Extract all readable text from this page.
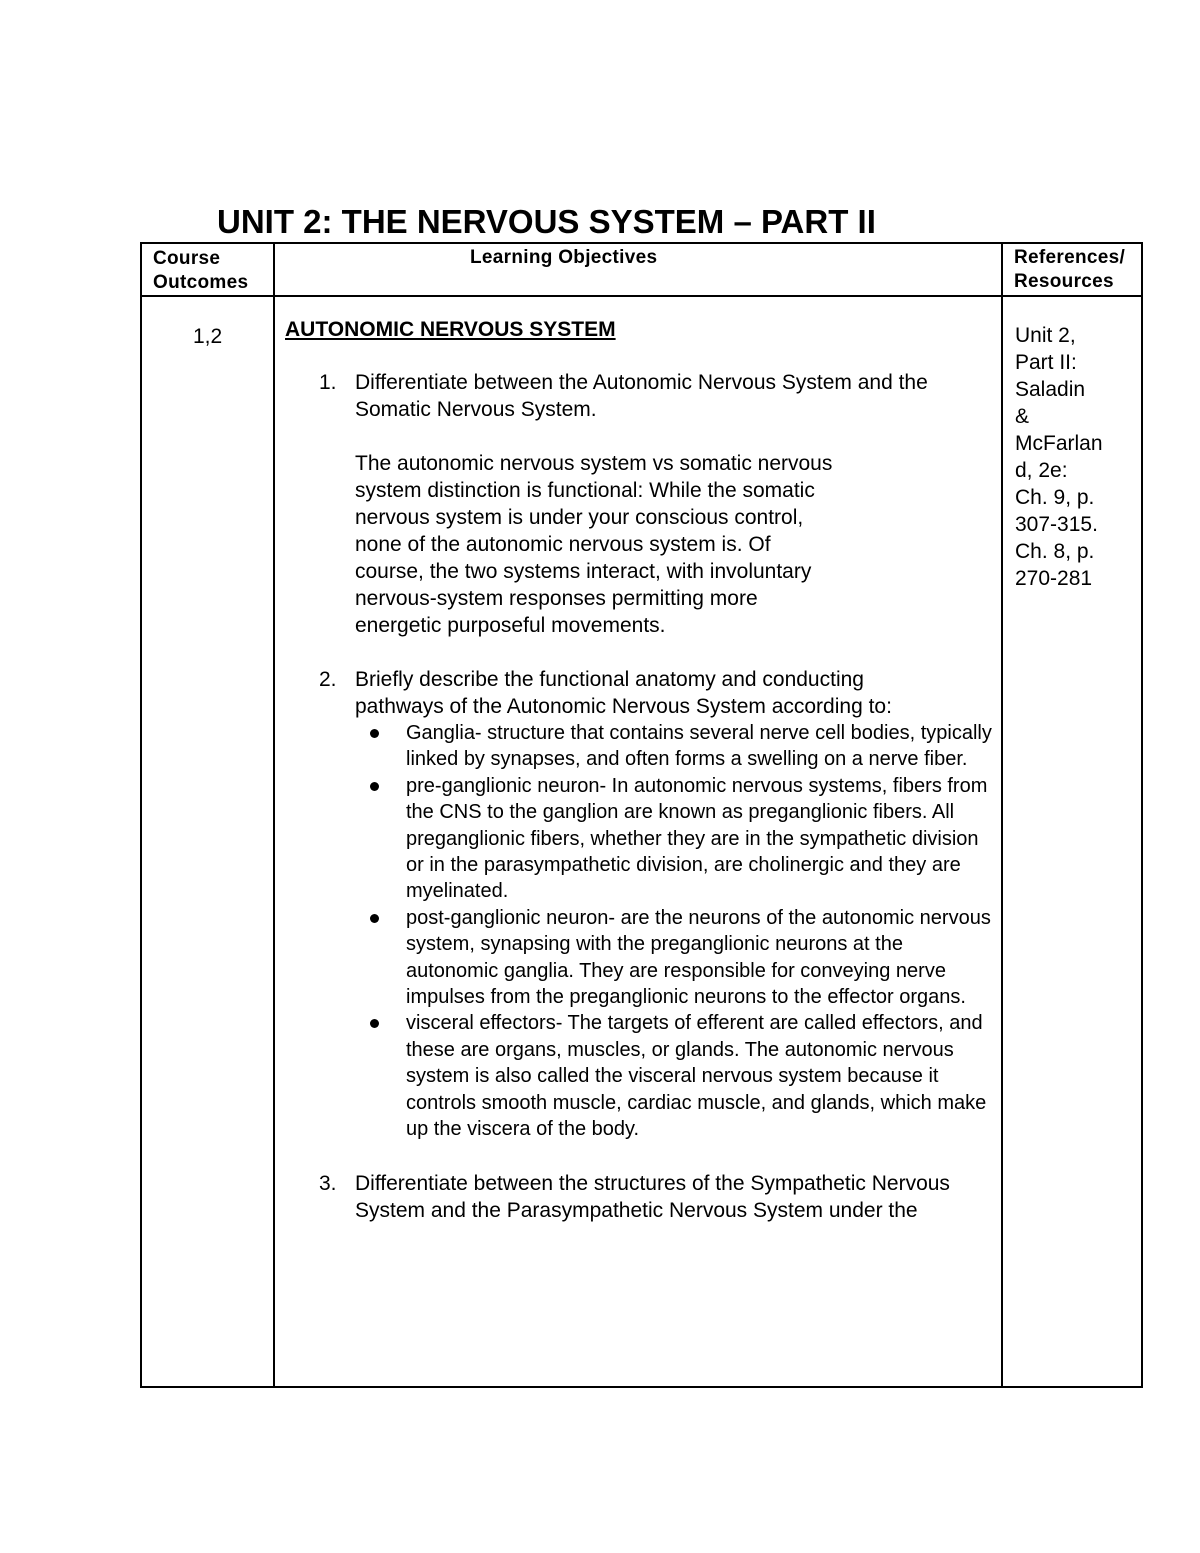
UNIT 2: THE NERVOUS SYSTEM – PART II
Course
Outcomes
Learning Objectives	References/
Resources
1,2	AUTONOMIC NERVOUS SYSTEM

1. Differentiate between the Autonomic Nervous System and the Somatic Nervous System.

The autonomic nervous system vs somatic nervous system distinction is functional: While the somatic nervous system is under your conscious control, none of the autonomic nervous system is. Of course, the two systems interact, with involuntary nervous-system responses permitting more energetic purposeful movements.

2. Briefly describe the functional anatomy and conducting pathways of the Autonomic Nervous System according to:

Ganglia- structure that contains several nerve cell bodies, typically linked by synapses, and often forms a swelling on a nerve fiber.
pre-ganglionic neuron- In autonomic nervous systems, fibers from the CNS to the ganglion are known as preganglionic fibers. All preganglionic fibers, whether they are in the sympathetic division or in the parasympathetic division, are cholinergic and they are myelinated.
post-ganglionic neuron- are the neurons of the autonomic nervous system, synapsing with the preganglionic neurons at the autonomic ganglia. They are responsible for conveying nerve impulses from the preganglionic neurons to the effector organs.
visceral effectors- The targets of efferent are called effectors, and these are organs, muscles, or glands. The autonomic nervous system is also called the visceral nervous system because it controls smooth muscle, cardiac muscle, and glands, which make up the viscera of the body.
3. Differentiate between the structures of the Sympathetic Nervous System and the Parasympathetic Nervous System under the

Unit 2,
Part II:
Saladin
&
McFarlan
d, 2e:
Ch. 9, p.
307-315.
Ch. 8, p.
270-281
